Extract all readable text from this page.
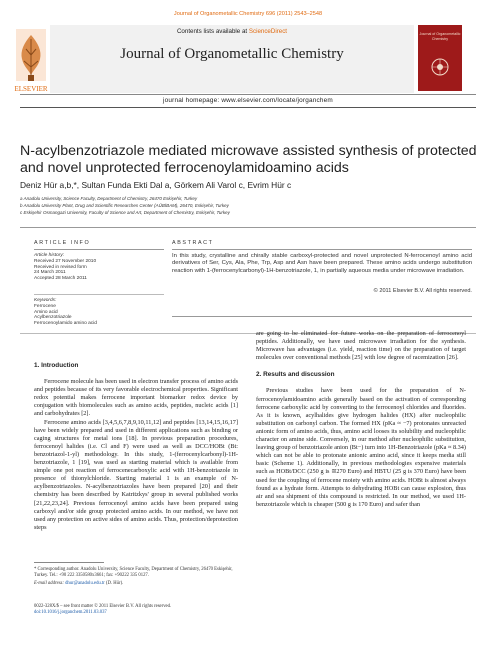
Journal of Organometallic Chemistry 696 (2011) 2543–2548
Contents lists available at ScienceDirect
Journal of Organometallic Chemistry
ELSEVIER
Journal of Organometallic Chemistry
journal homepage: www.elsevier.com/locate/jorganchem
N-acylbenzotriazole mediated microwave assisted synthesis of protected and novel unprotected ferrocenoylamidoamino acids
Deniz Hür a,b,*, Sultan Funda Ekti Dal a, Görkem Ali Varol c, Evrim Hür c
a Anadolu University, Science Faculty, Department of Chemistry, 26470 Eskişehir, Turkey
b Anadolu University Plant, Drug and Scientific Researches Center (AÜBİBAM), 26470, Eskişehir, Turkey
c Eskişehir Osmangazi University, Faculty of Science and Art, Department of Chemistry, Eskişehir, Turkey
ARTICLE INFO	ABSTRACT
Article history:
Received 27 November 2010
Received in revised form
24 March 2011
Accepted 28 March 2011
Keywords:
Ferrocene
Amino acid
Acylbenzotriazole
Ferrocenoylamido amino acid
In this study, crystalline and chirally stable carboxyl-protected and novel unprotected N-ferrocenoyl amino acid derivatives of Ser, Cys, Ala, Phe, Trp, Asp and Asn have been prepared. These amino acids undergo substitution reaction with 1-(ferrocenylcarbonyl)-1H-benzotriazole, 1, in partially aqueous media under microwave irradiation.
© 2011 Elsevier B.V. All rights reserved.
1. Introduction

Ferrocene molecule has been used in electron transfer process of amino acids and peptides because of its very favorable electrochemical properties. Significant redox potential makes ferrocene important biomarker redox device by conjugation with biomolecules such as amino acids, peptides, nucleic acids [1] and carbohydrates [2].

Ferrocene amino acids [3,4,5,6,7,8,9,10,11,12] and peptides [13,14,15,16,17] have been widely prepared and used in different applications such as binding or caging structures for metal ions [18]. In previous preparation procedures, ferrocenoyl halides (i.e. Cl and F) were used as well as DCC/HOBt (Bt: benzotriazol-1-yl) methodology. In this study, 1-(ferrocenylcarbonyl)-1H-benzotriazole, 1 [19], was used as starting material which is available from simple one pot reaction of ferrocenecarboxylic acid with 1H-benzotriazole in presence of thionylchloride. Starting material 1 is an example of N-acylbenzotriazoles. N-acylbenzotriazoles have been prepared [20] and their chemistry has been described by Katritzkys' group in several published works [21,22,23,24]. Previous ferrocenoyl amino acids have been prepared using carboxyl and/or side group protected amino acids. In our method, we have not used any protection on active sides of amino acids. Thus, protection/deprotection steps

are going to be eliminated for future works on the preparation of ferrocenoyl peptides. Additionally, we have used microwave irradiation for the synthesis. Microwave has advantages (i.e. yield, reaction time) on the preparation of target molecules over conventional methods [25] with low degree of racemization [26].

2. Results and discussion

Previous studies have been used for the preparation of N-ferrocenoylamidoamino acids generally based on the activation of corresponding ferrocene carboxylic acid by converting to the ferrocenoyl chlorides and fluorides. As it is known, acylhalides give hydrogen halides (HX) after nucleophilic substitution on carbonyl carbon. The formed HX (pKa ≈ −7) protonates unreacted anionic form of amino acids, thus, amino acid looses its solubility and nucleophilic character on amine side. Conversely, in our method after nucleophilic substitution, leaving group of benzotriazole anion (Bt−) turn into 1H-Benzotriazole (pKa ≈ 8.34) which can not be able to protonate anionic amino acid, since it keeps media still basic (Scheme 1). Additionally, in previous methodologies expensive materials such as HOBt/DCC (250 g is ≅270 Euro) and HBTU (25 g is 370 Euro) have been used for the coupling of ferrocene moiety with amino acids. HOBt is almost always found as a hydrate form. Attempts to dehydrating HOBt can cause explosion, thus air and sea shipment of this compound is restricted. In our method, we used 1H-benzotriazole which is cheaper (500 g is 170 Euro) and safer than

* Corresponding author. Anadolu University, Science Faculty, Department of Chemistry, 26470 Eskişehir, Turkey. Tel.: +90 222 3350580x3661; fax: +90222 335 0127.
E-mail address: dhur@anadolu.edu.tr (D. Hür).
0022-328X/$ – see front matter © 2011 Elsevier B.V. All rights reserved.
doi:10.1016/j.jorganchem.2011.03.037
